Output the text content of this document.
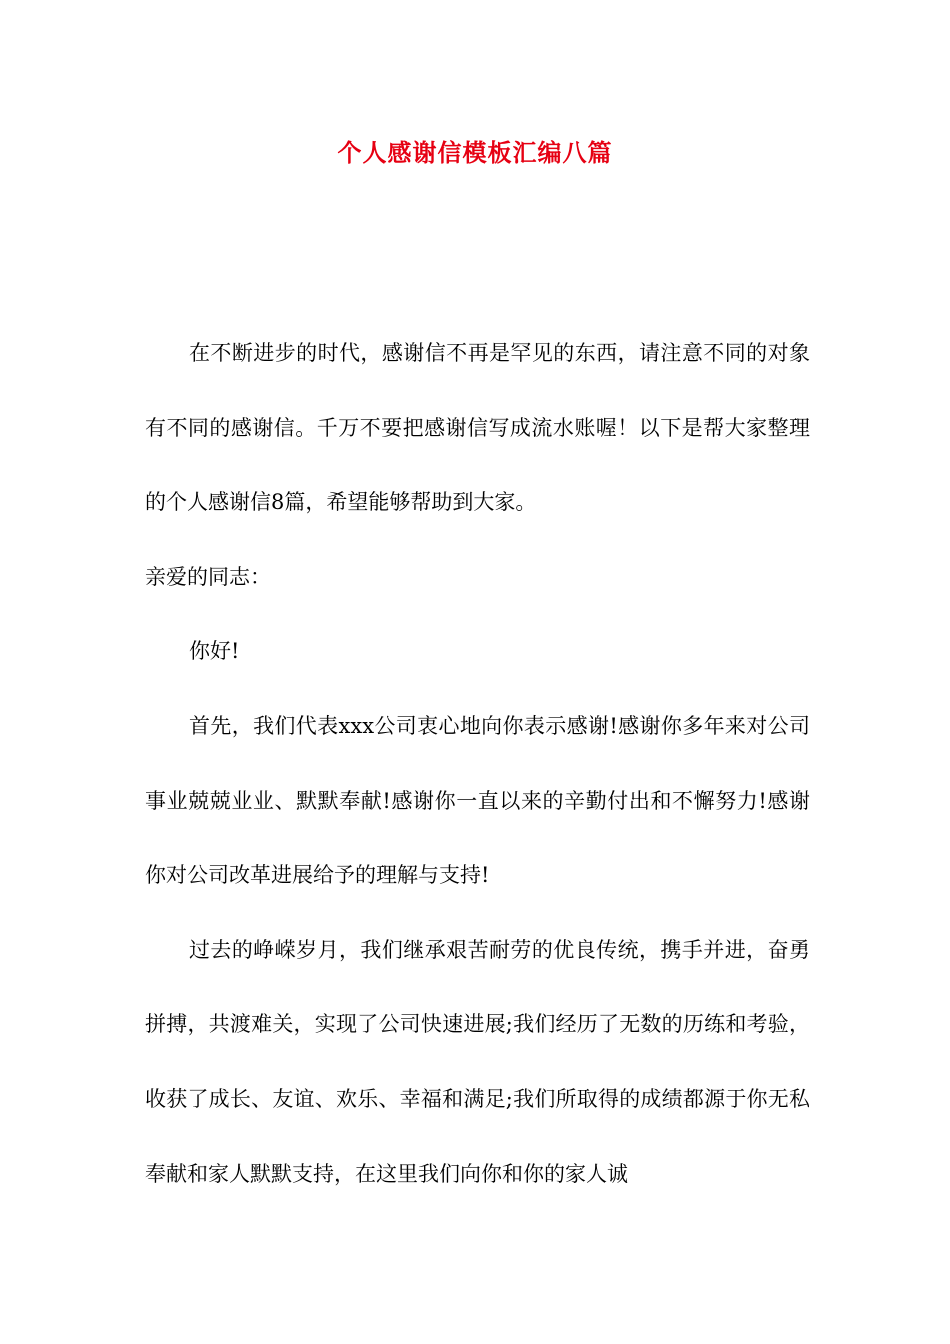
个人感谢信模板汇编八篇

在不断进步的时代，感谢信不再是罕见的东西，请注意不同的对象有不同的感谢信。千万不要把感谢信写成流水账喔！以下是帮大家整理的个人感谢信8篇，希望能够帮助到大家。

亲爱的同志：

你好!

首先，我们代表xxx公司衷心地向你表示感谢!感谢你多年来对公司事业兢兢业业、默默奉献!感谢你一直以来的辛勤付出和不懈努力!感谢你对公司改革进展给予的理解与支持!

过去的峥嵘岁月，我们继承艰苦耐劳的优良传统，携手并进，奋勇拼搏，共渡难关，实现了公司快速进展;我们经历了无数的历练和考验，收获了成长、友谊、欢乐、幸福和满足;我们所取得的成绩都源于你无私奉献和家人默默支持，在这里我们向你和你的家人诚
